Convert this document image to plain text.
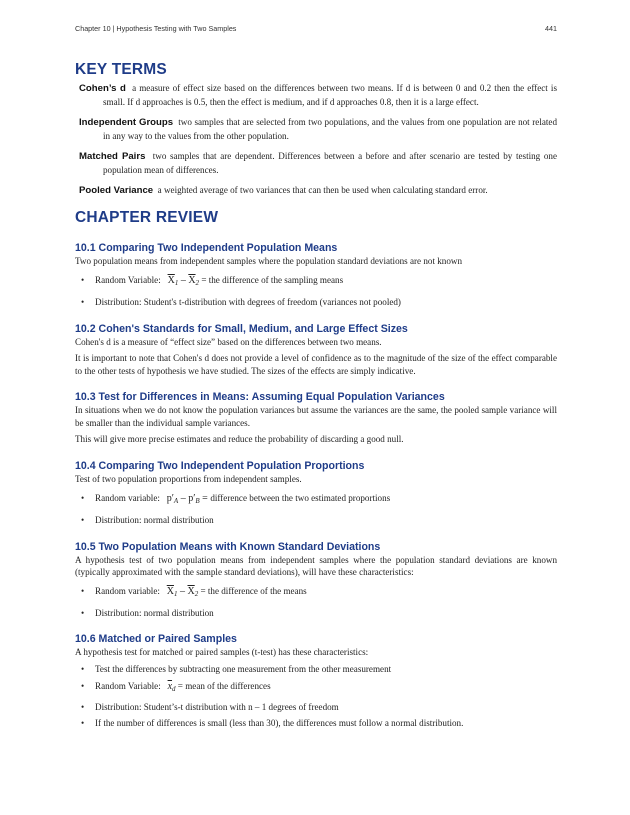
Chapter 10 | Hypothesis Testing with Two Samples	441
KEY TERMS
Cohen’s d a measure of effect size based on the differences between two means. If d is between 0 and 0.2 then the effect is small. If d approaches is 0.5, then the effect is medium, and if d approaches 0.8, then it is a large effect.
Independent Groups two samples that are selected from two populations, and the values from one population are not related in any way to the values from the other population.
Matched Pairs two samples that are dependent. Differences between a before and after scenario are tested by testing one population mean of differences.
Pooled Variance a weighted average of two variances that can then be used when calculating standard error.
CHAPTER REVIEW
10.1 Comparing Two Independent Population Means

Two population means from independent samples where the population standard deviations are not known

• Random Variable: $\overline{X}_1 - \overline{X}_2$ = the difference of the sampling means
• Distribution: Student's t-distribution with degrees of freedom (variances not pooled)
10.2 Cohen's Standards for Small, Medium, and Large Effect Sizes

Cohen's d is a measure of “effect size” based on the differences between two means.

It is important to note that Cohen's d does not provide a level of confidence as to the magnitude of the size of the effect comparable to the other tests of hypothesis we have studied. The sizes of the effects are simply indicative.

10.3 Test for Differences in Means: Assuming Equal Population Variances

In situations when we do not know the population variances but assume the variances are the same, the pooled sample variance will be smaller than the individual sample variances.

This will give more precise estimates and reduce the probability of discarding a good null.

10.4 Comparing Two Independent Population Proportions

Test of two population proportions from independent samples.

• Random variable: $p'_A - p'_B$ = difference between the two estimated proportions
• Distribution: normal distribution
10.5 Two Population Means with Known Standard Deviations

A hypothesis test of two population means from independent samples where the population standard deviations are known (typically approximated with the sample standard deviations), will have these characteristics:

• Random variable: $\overline{X}_1 - \overline{X}_2$ = the difference of the means
• Distribution: normal distribution
10.6 Matched or Paired Samples

A hypothesis test for matched or paired samples (t-test) has these characteristics:

• Test the differences by subtracting one measurement from the other measurement
• Random Variable: $\overline{x}_d$ = mean of the differences
• Distribution: Student’s-t distribution with n – 1 degrees of freedom
• If the number of differences is small (less than 30), the differences must follow a normal distribution.
